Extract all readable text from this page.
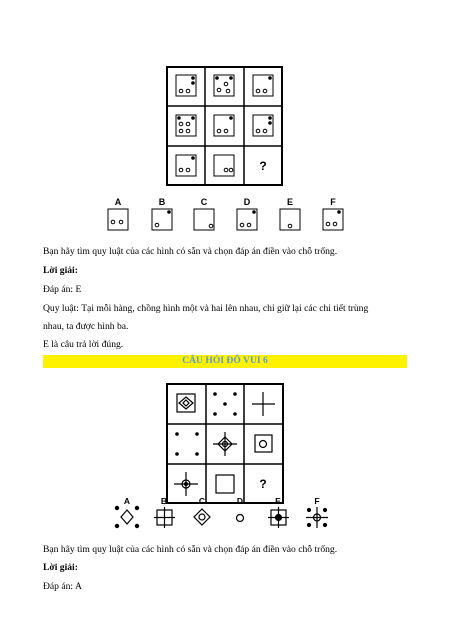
?
A	B	C	D	E	F
Bạn hãy tìm quy luật của các hình có sẵn và chọn đáp án điền vào chỗ trống.
Lời giải:
Đáp án: E
Quy luật: Tại mỗi hàng, chồng hình một và hai lên nhau, chỉ giữ lại các chi tiết trùng
nhau, ta được hình ba.
E là câu trả lời đúng.
CÂU HỎI ĐỐ VUI 6
?
A	B	C	D	E	F
Bạn hãy tìm quy luật của các hình có sẵn và chọn đáp án điền vào chỗ trống.
Lời giải:
Đáp án: A
